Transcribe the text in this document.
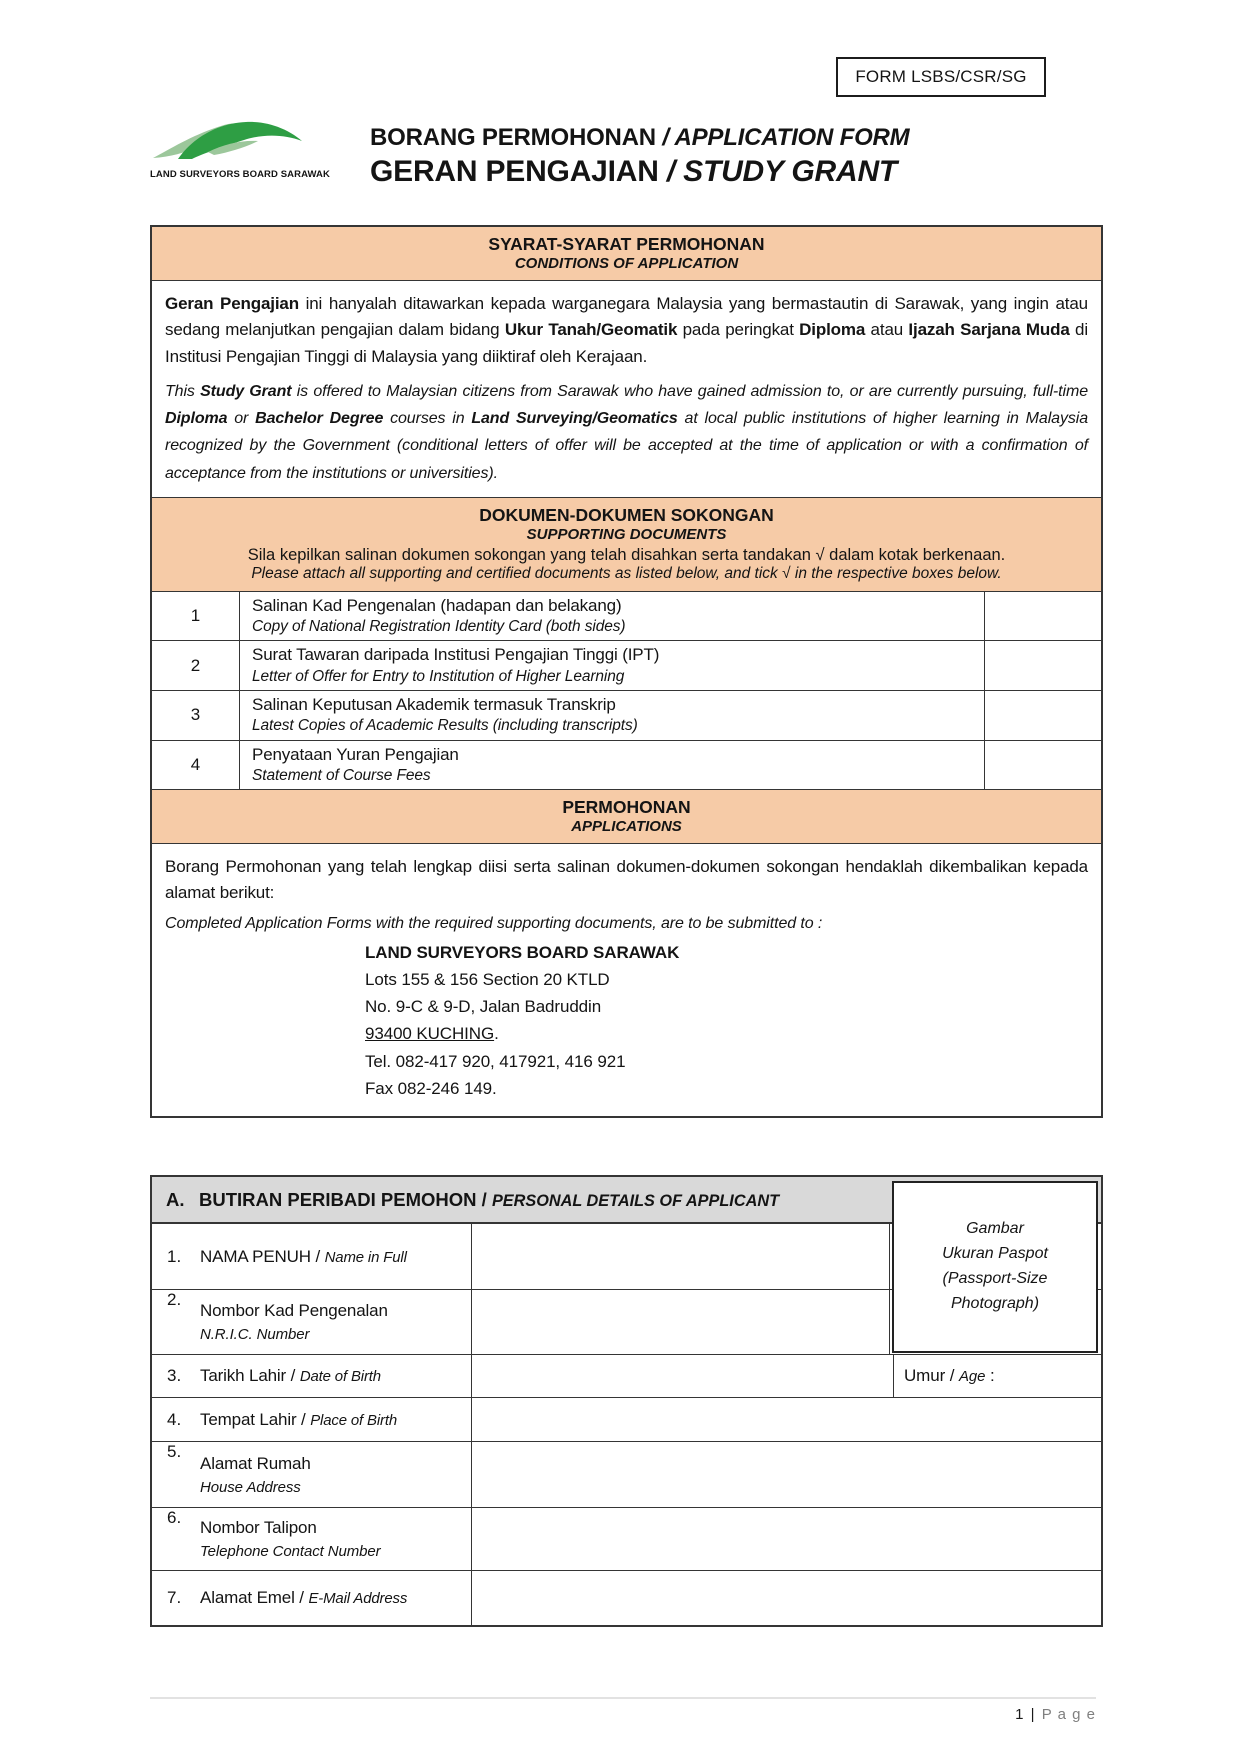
FORM LSBS/CSR/SG
LAND SURVEYORS BOARD SARAWAK
BORANG PERMOHONAN / APPLICATION FORM
GERAN PENGAJIAN / STUDY GRANT
SYARAT-SYARAT PERMOHONAN
CONDITIONS OF APPLICATION

Geran Pengajian ini hanyalah ditawarkan kepada warganegara Malaysia yang bermastautin di Sarawak, yang ingin atau sedang melanjutkan pengajian dalam bidang Ukur Tanah/Geomatik pada peringkat Diploma atau Ijazah Sarjana Muda di Institusi Pengajian Tinggi di Malaysia yang diiktiraf oleh Kerajaan.

This Study Grant is offered to Malaysian citizens from Sarawak who have gained admission to, or are currently pursuing, full-time Diploma or Bachelor Degree courses in Land Surveying/Geomatics at local public institutions of higher learning in Malaysia recognized by the Government (conditional letters of offer will be accepted at the time of application or with a confirmation of acceptance from the institutions or universities).

DOKUMEN-DOKUMEN SOKONGAN
SUPPORTING DOCUMENTS
Sila kepilkan salinan dokumen sokongan yang telah disahkan serta tandakan √ dalam kotak berkenaan.
Please attach all supporting and certified documents as listed below, and tick √ in the respective boxes below.
1
Salinan Kad Pengenalan (hadapan dan belakang)
Copy of National Registration Identity Card (both sides)
2
Surat Tawaran daripada Institusi Pengajian Tinggi (IPT)
Letter of Offer for Entry to Institution of Higher Learning
3
Salinan Keputusan Akademik termasuk Transkrip
Latest Copies of Academic Results (including transcripts)
4
Penyataan Yuran Pengajian
Statement of Course Fees
PERMOHONAN
APPLICATIONS

Borang Permohonan yang telah lengkap diisi serta salinan dokumen-dokumen sokongan hendaklah dikembalikan kepada alamat berikut:

Completed Application Forms with the required supporting documents, are to be submitted to :

LAND SURVEYORS BOARD SARAWAK
Lots 155 & 156 Section 20 KTLD
No. 9-C & 9-D, Jalan Badruddin
93400 KUCHING.
Tel. 082-417 920, 417921, 416 921
Fax 082-246 149.
A. BUTIRAN PERIBADI PEMOHON / PERSONAL DETAILS OF APPLICANT
1.	NAMA PENUH / Name in Full
2.
Nombor Kad Pengenalan
N.R.I.C. Number
3.	Tarikh Lahir / Date of Birth	Umur / Age :
4.	Tempat Lahir / Place of Birth
5.
Alamat Rumah
House Address
6.
Nombor Talipon
Telephone Contact Number
7.	Alamat Emel / E-Mail Address
Gambar
Ukuran Paspot
(Passport-Size
Photograph)
1 | P a g e
